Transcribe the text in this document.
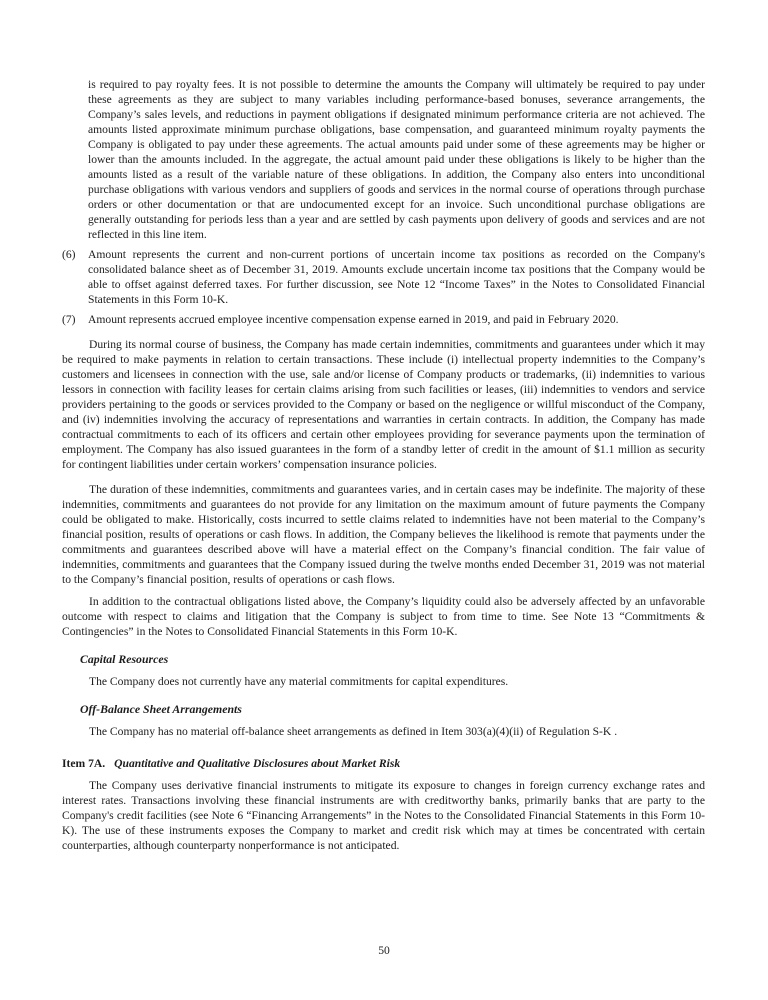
is required to pay royalty fees. It is not possible to determine the amounts the Company will ultimately be required to pay under these agreements as they are subject to many variables including performance-based bonuses, severance arrangements, the Company’s sales levels, and reductions in payment obligations if designated minimum performance criteria are not achieved. The amounts listed approximate minimum purchase obligations, base compensation, and guaranteed minimum royalty payments the Company is obligated to pay under these agreements. The actual amounts paid under some of these agreements may be higher or lower than the amounts included. In the aggregate, the actual amount paid under these obligations is likely to be higher than the amounts listed as a result of the variable nature of these obligations. In addition, the Company also enters into unconditional purchase obligations with various vendors and suppliers of goods and services in the normal course of operations through purchase orders or other documentation or that are undocumented except for an invoice. Such unconditional purchase obligations are generally outstanding for periods less than a year and are settled by cash payments upon delivery of goods and services and are not reflected in this line item.
(6)	Amount represents the current and non-current portions of uncertain income tax positions as recorded on the Company's consolidated balance sheet as of December 31, 2019. Amounts exclude uncertain income tax positions that the Company would be able to offset against deferred taxes. For further discussion, see Note 12 “Income Taxes” in the Notes to Consolidated Financial Statements in this Form 10-K.
(7)	Amount represents accrued employee incentive compensation expense earned in 2019, and paid in February 2020.

During its normal course of business, the Company has made certain indemnities, commitments and guarantees under which it may be required to make payments in relation to certain transactions. These include (i) intellectual property indemnities to the Company’s customers and licensees in connection with the use, sale and/or license of Company products or trademarks, (ii) indemnities to various lessors in connection with facility leases for certain claims arising from such facilities or leases, (iii) indemnities to vendors and service providers pertaining to the goods or services provided to the Company or based on the negligence or willful misconduct of the Company, and (iv) indemnities involving the accuracy of representations and warranties in certain contracts. In addition, the Company has made contractual commitments to each of its officers and certain other employees providing for severance payments upon the termination of employment. The Company has also issued guarantees in the form of a standby letter of credit in the amount of $1.1 million as security for contingent liabilities under certain workers’ compensation insurance policies.

The duration of these indemnities, commitments and guarantees varies, and in certain cases may be indefinite. The majority of these indemnities, commitments and guarantees do not provide for any limitation on the maximum amount of future payments the Company could be obligated to make. Historically, costs incurred to settle claims related to indemnities have not been material to the Company’s financial position, results of operations or cash flows. In addition, the Company believes the likelihood is remote that payments under the commitments and guarantees described above will have a material effect on the Company’s financial condition. The fair value of indemnities, commitments and guarantees that the Company issued during the twelve months ended December 31, 2019 was not material to the Company’s financial position, results of operations or cash flows.

In addition to the contractual obligations listed above, the Company’s liquidity could also be adversely affected by an unfavorable outcome with respect to claims and litigation that the Company is subject to from time to time. See Note 13 “Commitments & Contingencies” in the Notes to Consolidated Financial Statements in this Form 10-K.

Capital Resources

The Company does not currently have any material commitments for capital expenditures.

Off-Balance Sheet Arrangements

The Company has no material off-balance sheet arrangements as defined in Item 303(a)(4)(ii) of Regulation S-K .

Item 7A. Quantitative and Qualitative Disclosures about Market Risk

The Company uses derivative financial instruments to mitigate its exposure to changes in foreign currency exchange rates and interest rates. Transactions involving these financial instruments are with creditworthy banks, primarily banks that are party to the Company's credit facilities (see Note 6 “Financing Arrangements” in the Notes to the Consolidated Financial Statements in this Form 10-K). The use of these instruments exposes the Company to market and credit risk which may at times be concentrated with certain counterparties, although counterparty nonperformance is not anticipated.

50
